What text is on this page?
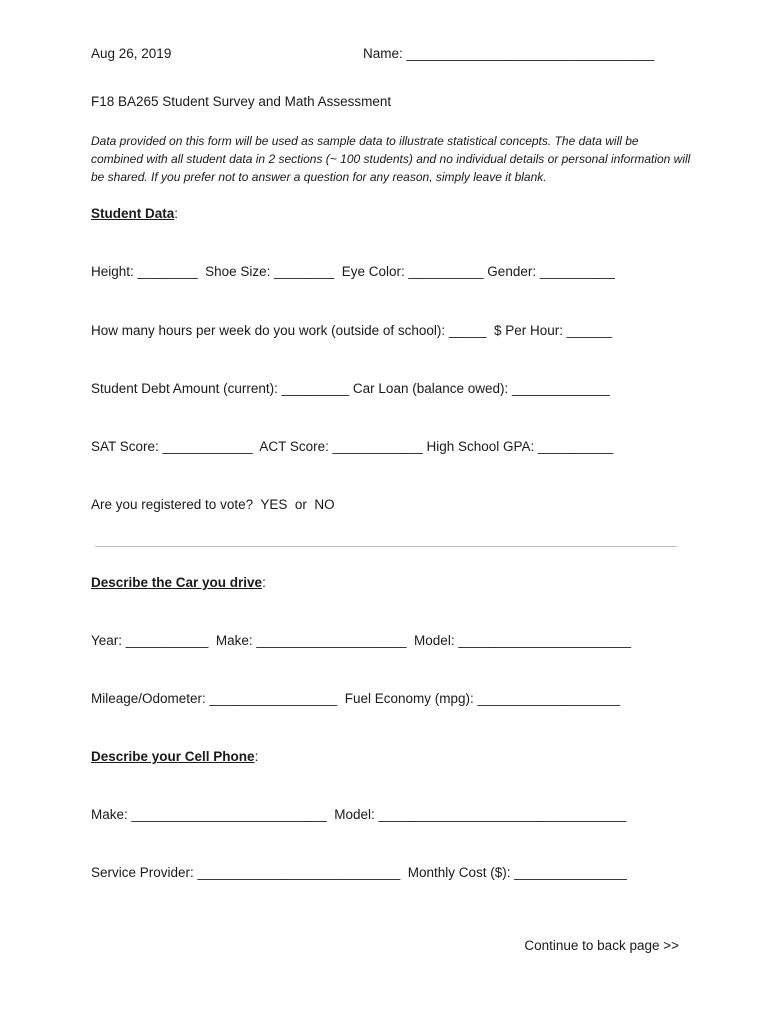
Aug 26, 2019	Name: _________________________________
F18 BA265 Student Survey and Math Assessment
Data provided on this form will be used as sample data to illustrate statistical concepts. The data will be combined with all student data in 2 sections (~ 100 students) and no individual details or personal information will be shared. If you prefer not to answer a question for any reason, simply leave it blank.
Student Data:
Height: ________  Shoe Size: ________  Eye Color: __________ Gender: __________
How many hours per week do you work (outside of school): _____  $ Per Hour: ______
Student Debt Amount (current): _________ Car Loan (balance owed): _____________
SAT Score: ____________  ACT Score: ____________ High School GPA: __________
Are you registered to vote?  YES  or  NO
Describe the Car you drive:
Year: ___________  Make: ____________________  Model: _______________________
Mileage/Odometer: _________________  Fuel Economy (mpg): ___________________
Describe your Cell Phone:
Make: __________________________  Model: _________________________________
Service Provider: ___________________________  Monthly Cost ($): _______________
Continue to back page >>
